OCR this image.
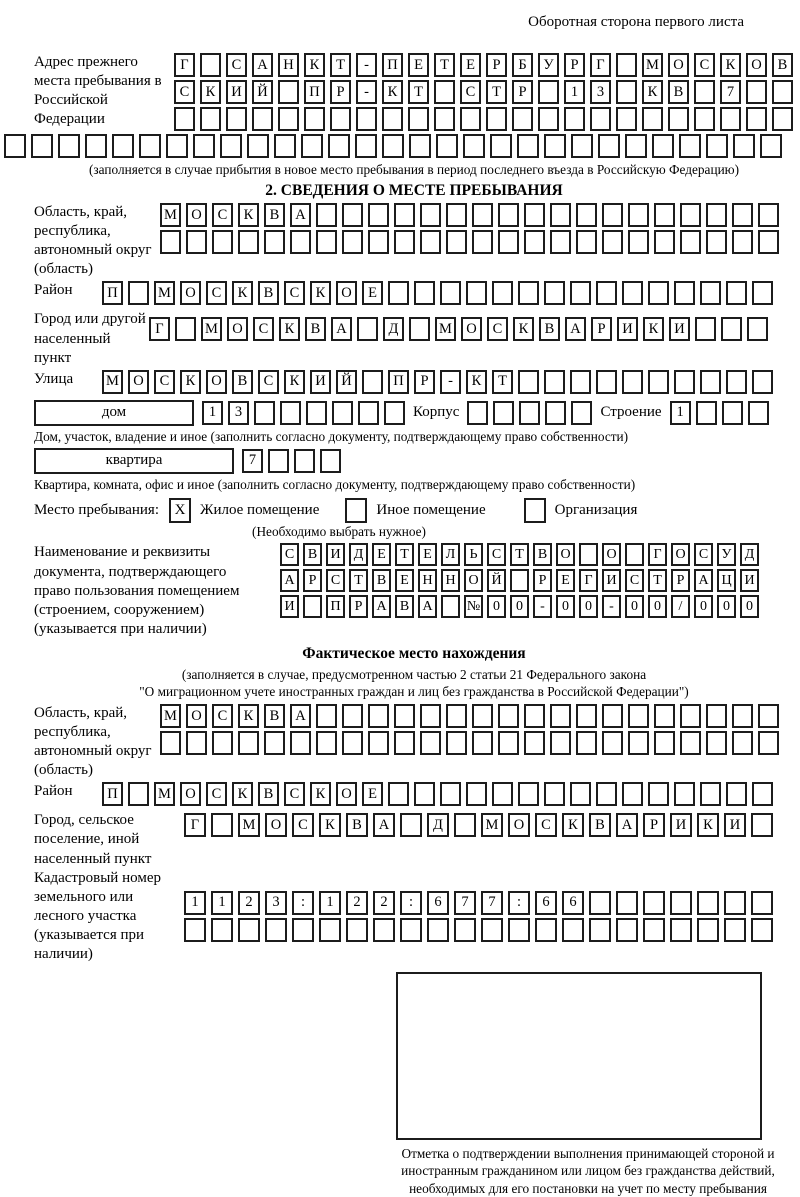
Оборотная сторона первого листа
Адрес прежнего места пребывания в Российской Федерации
Г	С	А	Н	К	Т	-	П	Е	Т	Е	Р	Б	У	Р	Г	М О	С	К	О	В
С	К	И	Й	П	Р	-	К	Т	С	Т	Р	1	3	К	В	7
(заполняется в случае прибытия в новое место пребывания в период последнего въезда в Российскую Федерацию)
2. СВЕДЕНИЯ О МЕСТЕ ПРЕБЫВАНИЯ
Область, край, республика, автономный округ (область)
М О	С	К	В	А
Район	П	М О	С	К	В	С	К	О	Е
Город или другой населенный пункт
Г	М О	С	К	В	А	Д	М О	С	К	В	А	Р	И	К	И
Улица	М О	С	К	О	В	С	К	И	Й	П	Р	-	К	Т
дом	1	3	Корпус	Строение	1
Дом, участок, владение и иное (заполнить согласно документу, подтверждающему право собственности)
квартира	7
Квартира, комната, офис и иное (заполнить согласно документу, подтверждающему право собственности)
Место пребывания:	X Жилое помещение	Иное помещение	Организация
(Необходимо выбрать нужное)
Наименование и реквизиты документа, подтверждающего право пользования помещением (строением, сооружением) (указывается при наличии)
С В И Д Е	Т	Е Л	Ь	С	Т	В О	О	Г О С У Д
А	Р	С	Т	В	Е Н Н О Й	Р	Е	Г И С	Т	Р	А Ц И
И	П	Р	А В А	№ 0	0	-	0	0	-	0	0	/	0	0	0
Фактическое место нахождения
(заполняется в случае, предусмотренном частью 2 статьи 21 Федерального закона
"О миграционном учете иностранных граждан и лиц без гражданства в Российской Федерации")
Область, край, республика, автономный округ (область)
М О	С	К	В	А
Район	П	М О	С	К	В	С	К	О	Е
Город, сельское поселение, иной населенный пункт
Г	М	О	С	К	В	А	Д	М	О	С	К	В	А	Р	И	К	И
Кадастровый номер земельного или лесного участка (указывается при наличии)
1	1	2	3	:	1	2	2	:	6	7	7	:	6	6
Отметка о подтверждении выполнения принимающей стороной и иностранным гражданином или лицом без гражданства действий, необходимых для его постановки на учет по месту пребывания
